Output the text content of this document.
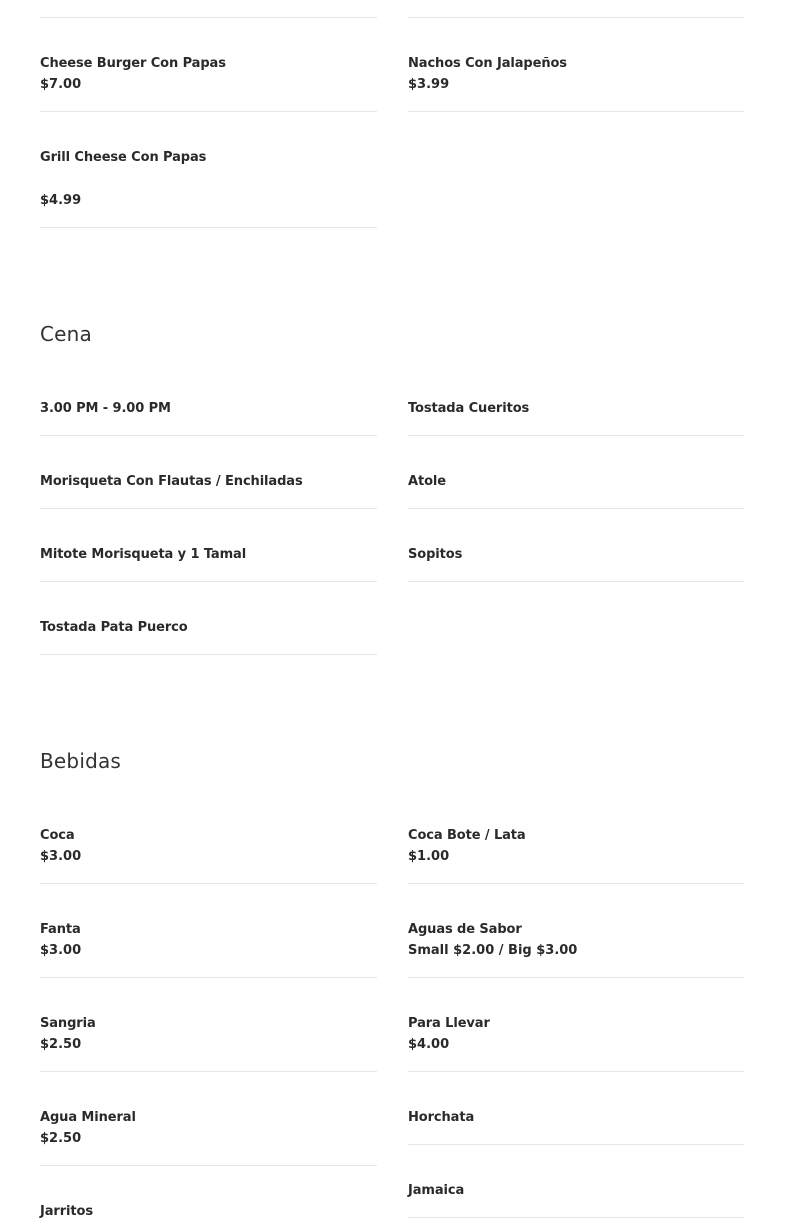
Cheese Burger Con Papas
$7.00
Grill Cheese Con Papas
$4.99
Nachos Con Jalapeños
$3.99
Cena
3.00 PM - 9.00 PM
Morisqueta Con Flautas / Enchiladas
Mitote Morisqueta y 1 Tamal
Tostada Pata Puerco
Tostada Cueritos
Atole
Sopitos
Bebidas
Coca
$3.00
Fanta
$3.00
Sangria
$2.50
Agua Mineral
$2.50
Jarritos
Coca Bote / Lata
$1.00
Aguas de Sabor
Small $2.00 / Big $3.00
Para Llevar
$4.00
Horchata
Jamaica
